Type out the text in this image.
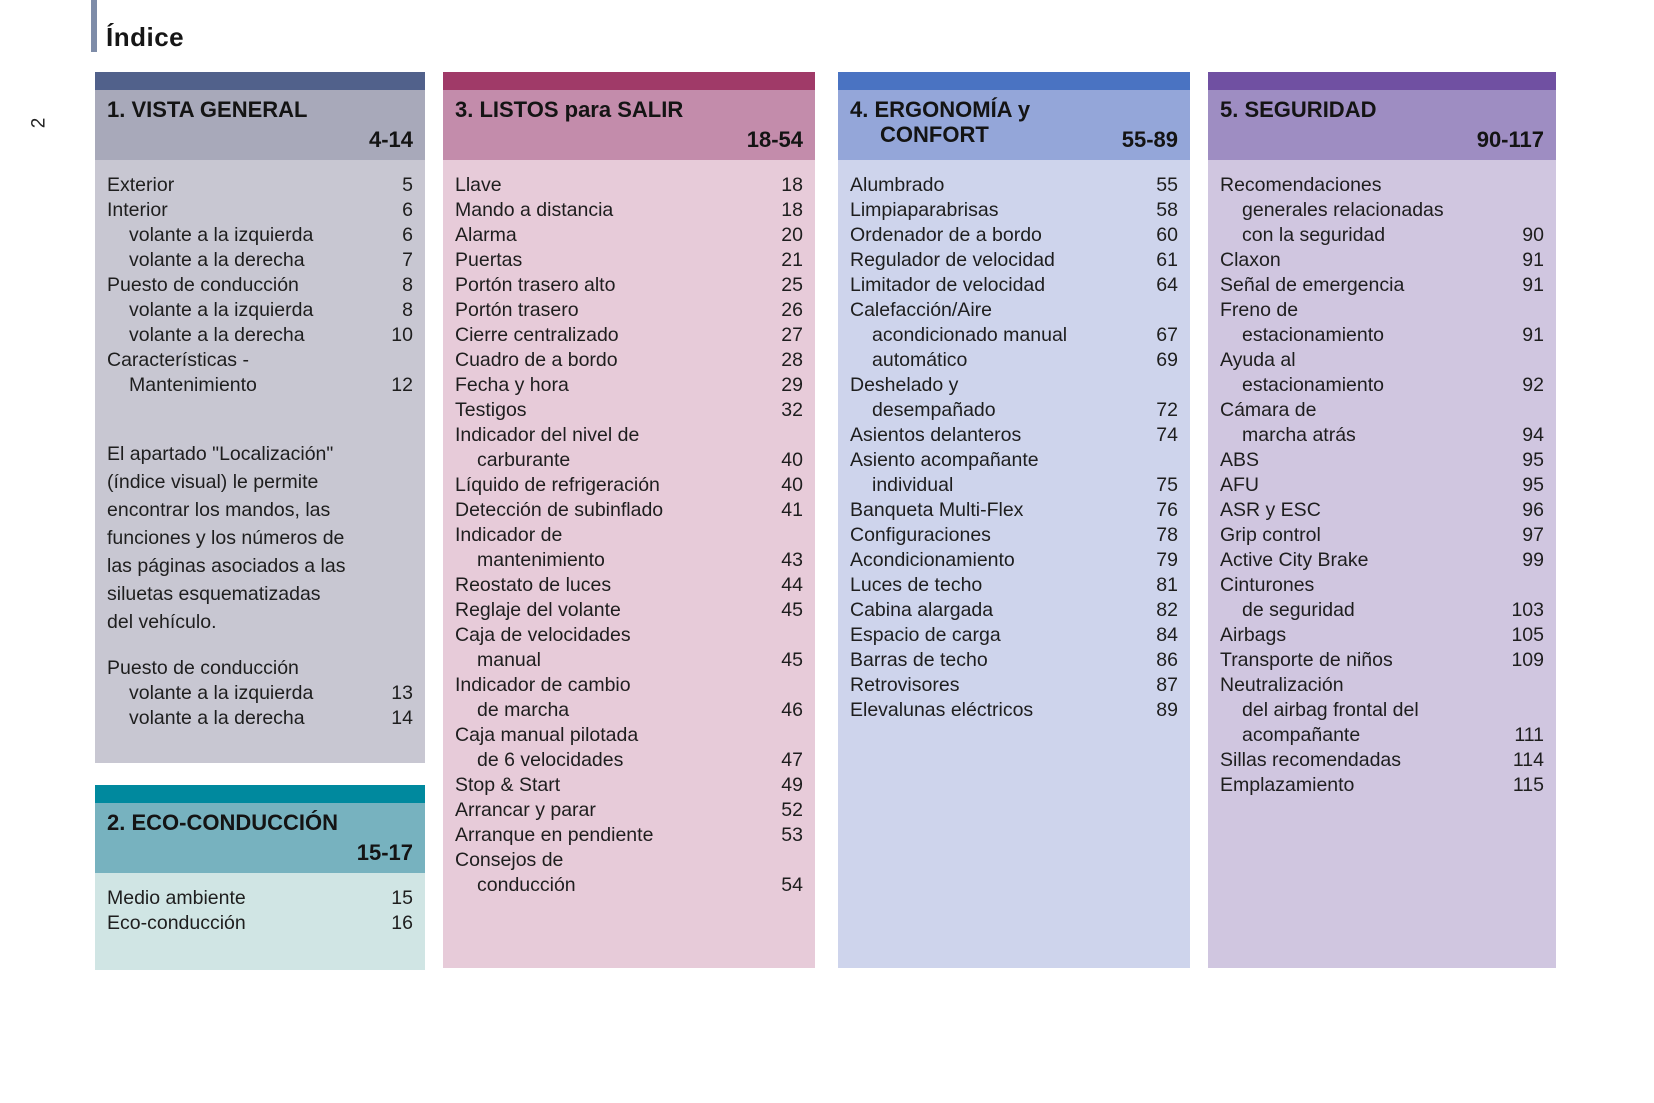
Índice
2
1. VISTA GENERAL
4-14
Exterior	5
Interior	6
volante a la izquierda	6
volante a la derecha	7
Puesto de conducción	8
volante a la izquierda	8
volante a la derecha	10
Características -
Mantenimiento	12
El apartado "Localización"
(índice visual) le permite
encontrar los mandos, las
funciones y los números de
las páginas asociados a las
siluetas esquematizadas
del vehículo.
Puesto de conducción
volante a la izquierda	13
volante a la derecha	14
2. ECO-CONDUCCIÓN
15-17
Medio ambiente	15
Eco-conducción	16
3. LISTOS para SALIR
18-54
Llave	18
Mando a distancia	18
Alarma	20
Puertas	21
Portón trasero alto	25
Portón trasero	26
Cierre centralizado	27
Cuadro de a bordo	28
Fecha y hora	29
Testigos	32
Indicador del nivel de
carburante	40
Líquido de refrigeración	40
Detección de subinflado	41
Indicador de
mantenimiento	43
Reostato de luces	44
Reglaje del volante	45
Caja de velocidades
manual	45
Indicador de cambio
de marcha	46
Caja manual pilotada
de 6 velocidades	47
Stop & Start	49
Arrancar y parar	52
Arranque en pendiente	53
Consejos de
conducción	54
4. ERGONOMÍA y
CONFORT	55-89
Alumbrado	55
Limpiaparabrisas	58
Ordenador de a bordo	60
Regulador de velocidad	61
Limitador de velocidad	64
Calefacción/Aire
acondicionado manual	67
automático	69
Deshelado y
desempañado	72
Asientos delanteros	74
Asiento acompañante
individual	75
Banqueta Multi-Flex	76
Configuraciones	78
Acondicionamiento	79
Luces de techo	81
Cabina alargada	82
Espacio de carga	84
Barras de techo	86
Retrovisores	87
Elevalunas eléctricos	89
5. SEGURIDAD
90-117
Recomendaciones
generales relacionadas
con la seguridad	90
Claxon	91
Señal de emergencia	91
Freno de
estacionamiento	91
Ayuda al
estacionamiento	92
Cámara de
marcha atrás	94
ABS	95
AFU	95
ASR y ESC	96
Grip control	97
Active City Brake	99
Cinturones
de seguridad	103
Airbags	105
Transporte de niños	109
Neutralización
del airbag frontal del
acompañante	111
Sillas recomendadas	114
Emplazamiento	115
